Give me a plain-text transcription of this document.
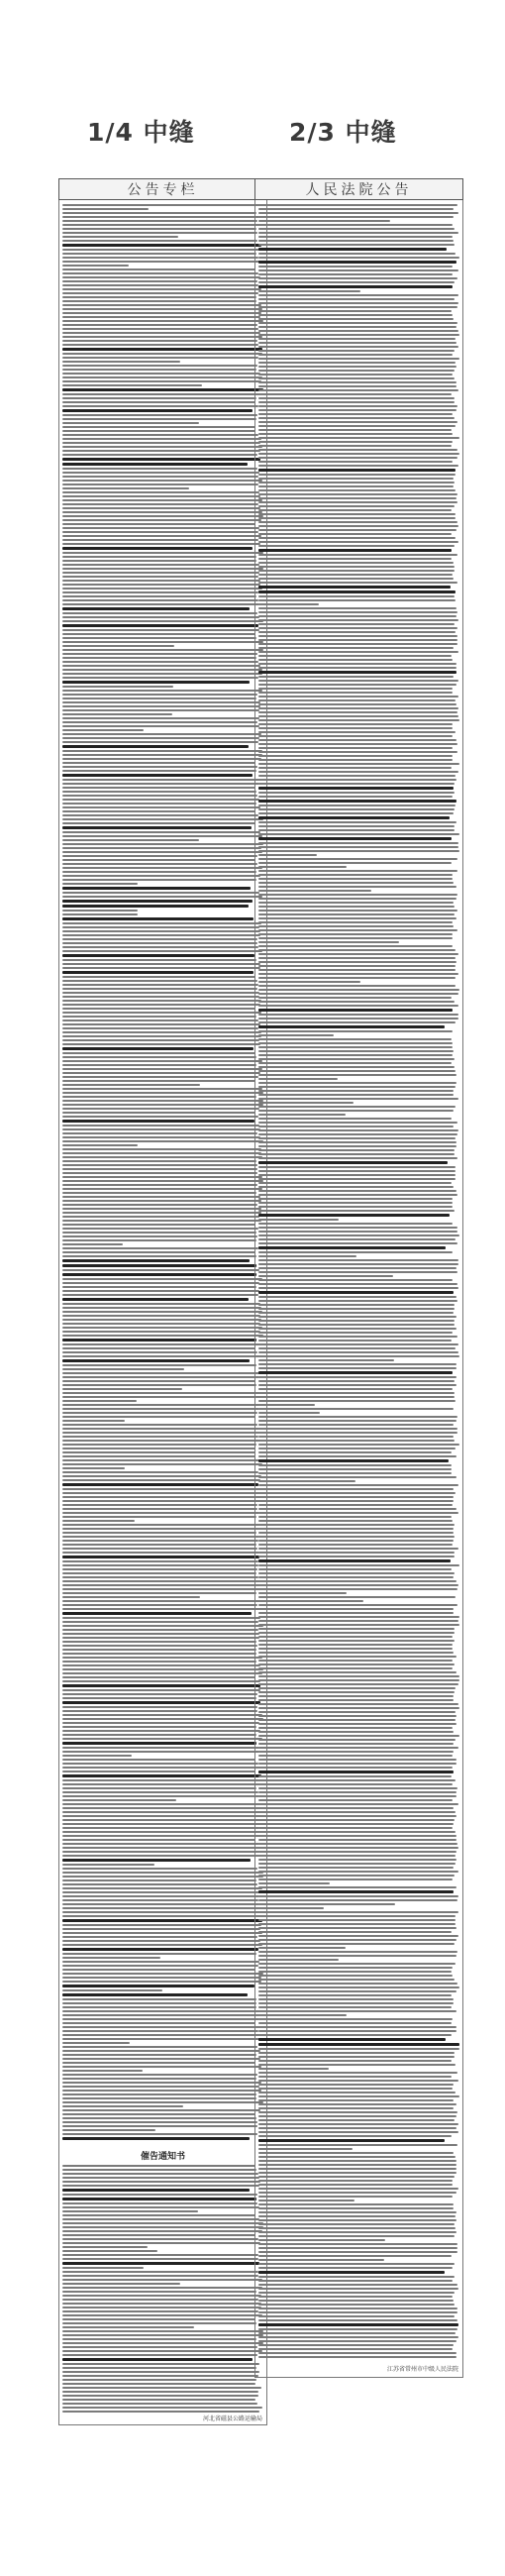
1/4 中缝	2/3 中缝
公告专栏
催告通知书
河北省磁县公路运输局
人民法院公告
江苏省常州市中级人民法院
